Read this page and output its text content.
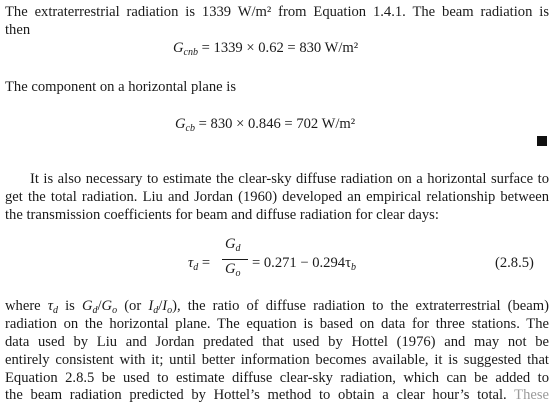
The extraterrestrial radiation is 1339 W/m² from Equation 1.4.1. The beam radiation is
then
$G_{cnb} = 1339 \times 0.62 = 830$ W/m²
The component on a horizontal plane is
$G_{cb} = 830 \times 0.846 = 702$ W/m²
It is also necessary to estimate the clear-sky diffuse radiation on a horizontal surface to
get the total radiation. Liu and Jordan (1960) developed an empirical relationship between
the transmission coefficients for beam and diffuse radiation for clear days:
$\tau_d$ =
$G_d$
$G_o$
= $0.271 - 0.294\tau_b$	(2.8.5)
where $\tau_d$ is $G_d/G_o$ (or $I_d/I_o$), the ratio of diffuse radiation to the extraterrestrial (beam)
radiation on the horizontal plane. The equation is based on data for three stations. The
data used by Liu and Jordan predated that used by Hottel (1976) and may not be
entirely consistent with it; until better information becomes available, it is suggested that
Equation 2.8.5 be used to estimate diffuse clear-sky radiation, which can be added to
the beam radiation predicted by Hottel’s method to obtain a clear hour’s total. These
